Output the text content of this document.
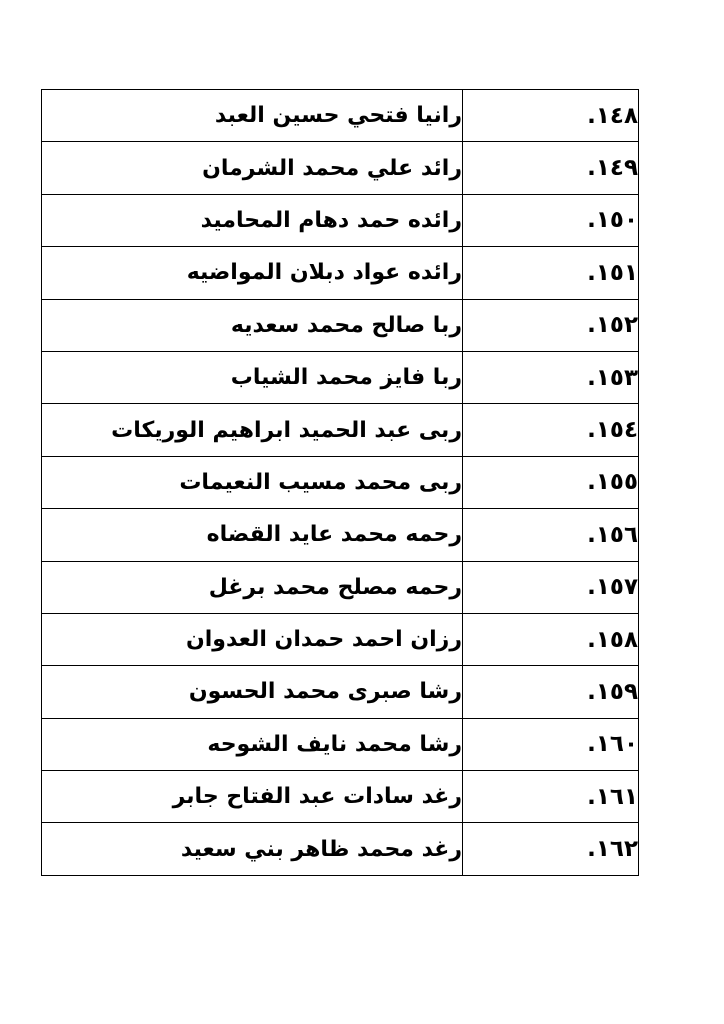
١٤٨.	رانيا فتحي حسين العبد
١٤٩.	رائد علي محمد الشرمان
١٥٠.	رائده حمد دهام المحاميد
١٥١.	رائده عواد دبلان المواضيه
١٥٢.	ربا صالح محمد سعديه
١٥٣.	ربا فايز محمد الشياب
١٥٤.	ربى عبد الحميد ابراهيم الوريكات
١٥٥.	ربى محمد مسيب النعيمات
١٥٦.	رحمه محمد عايد القضاه
١٥٧.	رحمه مصلح محمد برغل
١٥٨.	رزان احمد حمدان العدوان
١٥٩.	رشا صبرى محمد الحسون
١٦٠.	رشا محمد نايف الشوحه
١٦١.	رغد سادات عبد الفتاح جابر
١٦٢.	رغد محمد ظاهر بني سعيد
